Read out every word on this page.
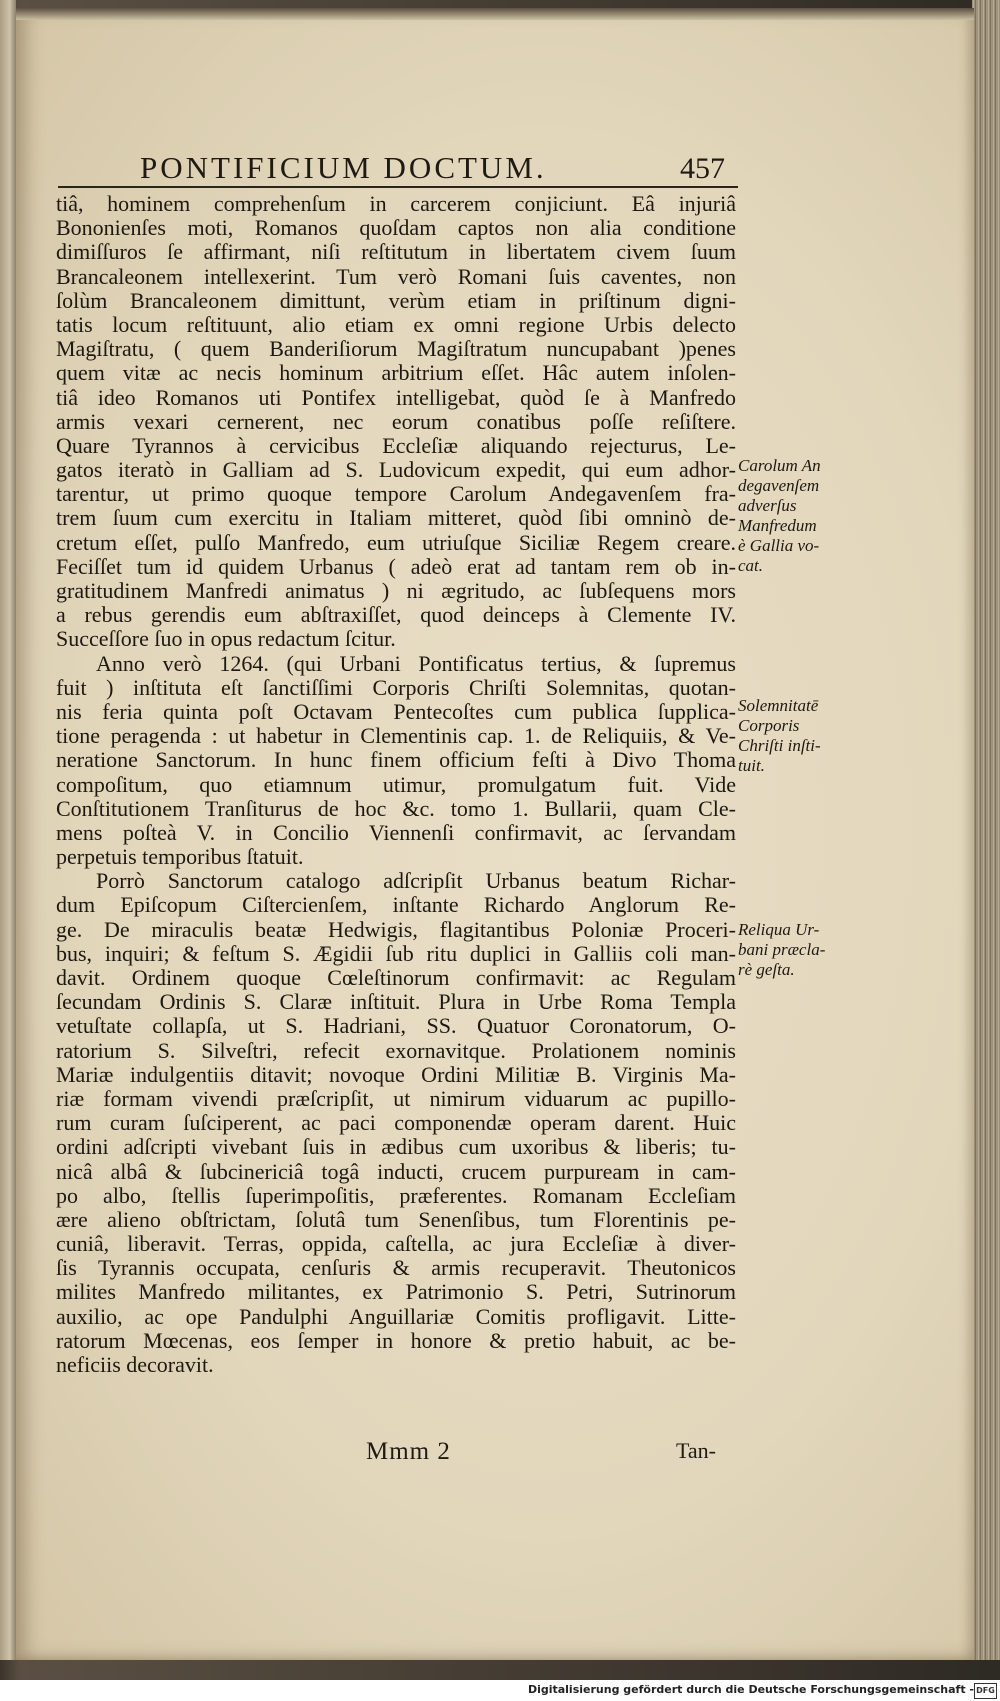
PONTIFICIUM DOCTUM.	457
tiâ, hominem comprehenſum in carcerem conjiciunt. Eâ injuriâ
Bononienſes moti, Romanos quoſdam captos non alia conditione
dimiſſuros ſe affirmant, niſi reſtitutum in libertatem civem ſuum
Brancaleonem intellexerint. Tum verò Romani ſuis caventes, non
ſolùm Brancaleonem dimittunt, verùm etiam in priſtinum digni-
tatis locum reſtituunt, alio etiam ex omni regione Urbis delecto
Magiſtratu, ( quem Banderiſiorum Magiſtratum nuncupabant )penes
quem vitæ ac necis hominum arbitrium eſſet. Hâc autem inſolen-
tiâ ideo Romanos uti Pontifex intelligebat, quòd ſe à Manfredo
armis vexari cernerent, nec eorum conatibus poſſe reſiſtere.
Quare Tyrannos à cervicibus Eccleſiæ aliquando rejecturus, Le-
gatos iteratò in Galliam ad S. Ludovicum expedit, qui eum adhor-
tarentur, ut primo quoque tempore Carolum Andegavenſem fra-
trem ſuum cum exercitu in Italiam mitteret, quòd ſibi omninò de-
cretum eſſet, pulſo Manfredo, eum utriuſque Siciliæ Regem creare.
Feciſſet tum id quidem Urbanus ( adeò erat ad tantam rem ob in-
gratitudinem Manfredi animatus ) ni ægritudo, ac ſubſequens mors
a rebus gerendis eum abſtraxiſſet, quod deinceps à Clemente IV.
Succeſſore ſuo in opus redactum ſcitur.
Anno verò 1264. (qui Urbani Pontificatus tertius, & ſupremus
fuit ) inſtituta eſt ſanctiſſimi Corporis Chriſti Solemnitas, quotan-
nis feria quinta poſt Octavam Pentecoſtes cum publica ſupplica-
tione peragenda : ut habetur in Clementinis cap. 1. de Reliquiis, & Ve-
neratione Sanctorum. In hunc finem officium feſti à Divo Thoma
compoſitum, quo etiamnum utimur, promulgatum fuit. Vide
Conſtitutionem Tranſiturus de hoc &c. tomo 1. Bullarii, quam Cle-
mens poſteà V. in Concilio Viennenſi confirmavit, ac ſervandam
perpetuis temporibus ſtatuit.
Porrò Sanctorum catalogo adſcripſit Urbanus beatum Richar-
dum Epiſcopum Ciſtercienſem, inſtante Richardo Anglorum Re-
ge. De miraculis beatæ Hedwigis, flagitantibus Poloniæ Proceri-
bus, inquiri; & feſtum S. Ægidii ſub ritu duplici in Galliis coli man-
davit. Ordinem quoque Cœleſtinorum confirmavit: ac Regulam
ſecundam Ordinis S. Claræ inſtituit. Plura in Urbe Roma Templa
vetuſtate collapſa, ut S. Hadriani, SS. Quatuor Coronatorum, O-
ratorium S. Silveſtri, refecit exornavitque. Prolationem nominis
Mariæ indulgentiis ditavit; novoque Ordini Militiæ B. Virginis Ma-
riæ formam vivendi præſcripſit, ut nimirum viduarum ac pupillo-
rum curam ſuſciperent, ac paci componendæ operam darent. Huic
ordini adſcripti vivebant ſuis in ædibus cum uxoribus & liberis; tu-
nicâ albâ & ſubcinericiâ togâ inducti, crucem purpuream in cam-
po albo, ſtellis ſuperimpoſitis, præferentes. Romanam Eccleſiam
ære alieno obſtrictam, ſolutâ tum Senenſibus, tum Florentinis pe-
cuniâ, liberavit. Terras, oppida, caſtella, ac jura Eccleſiæ à diver-
ſis Tyrannis occupata, cenſuris & armis recuperavit. Theutonicos
milites Manfredo militantes, ex Patrimonio S. Petri, Sutrinorum
auxilio, ac ope Pandulphi Anguillariæ Comitis profligavit. Litte-
ratorum Mœcenas, eos ſemper in honore & pretio habuit, ac be-
neficiis decoravit.
Carolum An
degavenſem
adverſus
Manfredum
è Gallia vo-
cat.
Solemnitatē
Corporis
Chriſti inſti-
tuit.
Reliqua Ur-
bani præcla-
rè geſta.
Mmm 2	Tan-
Digitalisierung gefördert durch die Deutsche Forschungsgemeinschaft - DFG
